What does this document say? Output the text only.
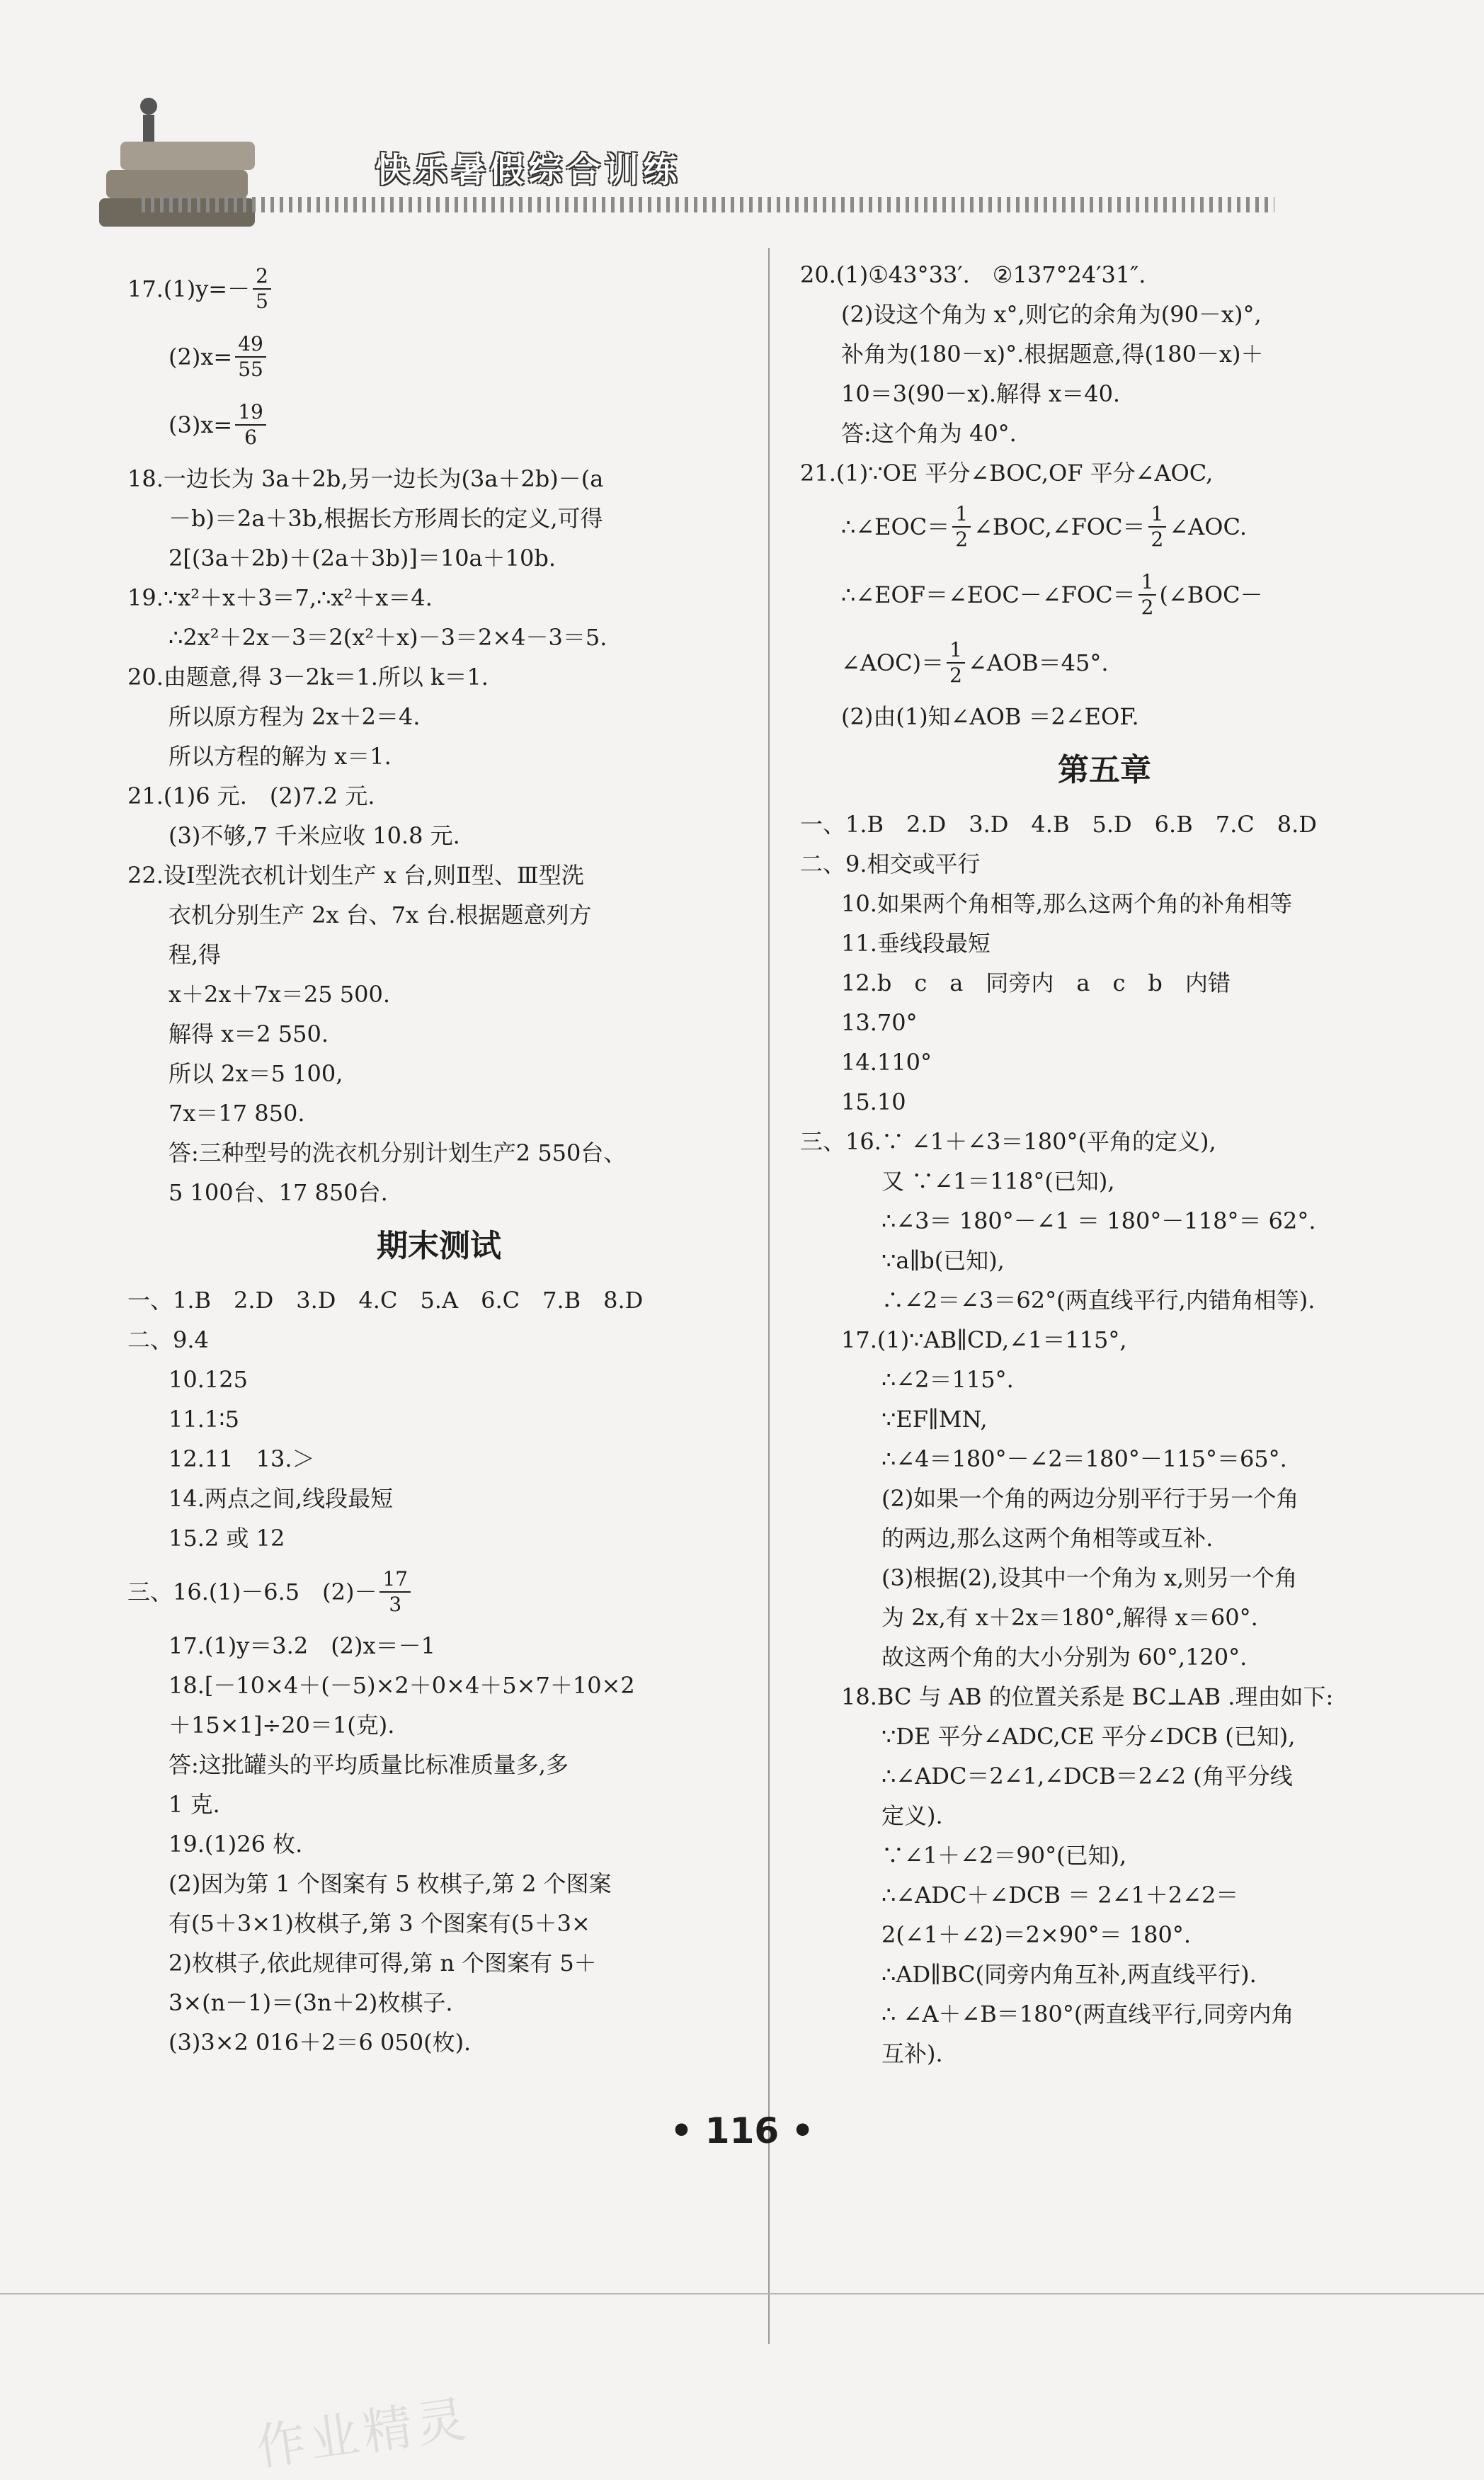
快乐暑假综合训练
$17.(1)y=- \frac{2}{5}$
$(2)x= \frac{49}{55}$
$(3)x= \frac{19}{6}$
18.一边长为 3a＋2b,另一边长为(3a＋2b)－(a
－b)＝2a＋3b,根据长方形周长的定义,可得
2[(3a＋2b)＋(2a＋3b)]＝10a＋10b.
19.∵x²＋x＋3＝7,∴x²＋x＝4.
∴2x²＋2x－3＝2(x²＋x)－3＝2×4－3＝5.
20.由题意,得 3－2k＝1.所以 k＝1.
所以原方程为 2x＋2＝4.
所以方程的解为 x＝1.
21.(1)6 元.　(2)7.2 元.
(3)不够,7 千米应收 10.8 元.
22.设Ⅰ型洗衣机计划生产 x 台,则Ⅱ型、Ⅲ型洗
衣机分别生产 2x 台、7x 台.根据题意列方
程,得
x＋2x＋7x＝25 500.
解得 x＝2 550.
所以 2x＝5 100,
7x＝17 850.
答:三种型号的洗衣机分别计划生产2 550台、
5 100台、17 850台.
期末测试
一、1.B　2.D　3.D　4.C　5.A　6.C　7.B　8.D
二、9.4
10.125
11.1∶5
12.11　13.＞
14.两点之间,线段最短
15.2 或 12
三、16.(1)－6.5　$(2)- \frac{17}{3}$
17.(1)y＝3.2　(2)x＝－1
18.[－10×4＋(－5)×2＋0×4＋5×7＋10×2
＋15×1]÷20＝1(克).
答:这批罐头的平均质量比标准质量多,多
1 克.
19.(1)26 枚.
(2)因为第 1 个图案有 5 枚棋子,第 2 个图案
有(5＋3×1)枚棋子,第 3 个图案有(5＋3×
2)枚棋子,依此规律可得,第 n 个图案有 5＋
3×(n－1)＝(3n＋2)枚棋子.
(3)3×2 016＋2＝6 050(枚).
20.(1)①43°33′.　②137°24′31″.
(2)设这个角为 x°,则它的余角为(90－x)°,
补角为(180－x)°.根据题意,得(180－x)＋
10＝3(90－x).解得 x＝40.
答:这个角为 40°.
21.(1)∵OE 平分∠BOC,OF 平分∠AOC,
∴∠EOC＝ $\frac{1}{2}$ ∠BOC,∠FOC＝ $\frac{1}{2}$ ∠AOC.
∴∠EOF＝∠EOC－∠FOC＝ $\frac{1}{2}$ (∠BOC－
∠AOC)＝ $\frac{1}{2}$ ∠AOB＝45°.
(2)由(1)知∠AOB ＝2∠EOF.
第五章
一、1.B　2.D　3.D　4.B　5.D　6.B　7.C　8.D
二、9.相交或平行
10.如果两个角相等,那么这两个角的补角相等
11.垂线段最短
12.b　c　a　同旁内　a　c　b　内错
13.70°
14.110°
15.10
三、16.∵ ∠1＋∠3＝180°(平角的定义),
又 ∵∠1＝118°(已知),
∴∠3＝ 180°－∠1 ＝ 180°－118°＝ 62°.
∵a∥b(已知),
∴∠2＝∠3＝62°(两直线平行,内错角相等).
17.(1)∵AB∥CD,∠1＝115°,
∴∠2＝115°.
∵EF∥MN,
∴∠4＝180°－∠2＝180°－115°＝65°.
(2)如果一个角的两边分别平行于另一个角
的两边,那么这两个角相等或互补.
(3)根据(2),设其中一个角为 x,则另一个角
为 2x,有 x＋2x＝180°,解得 x＝60°.
故这两个角的大小分别为 60°,120°.
18.BC 与 AB 的位置关系是 BC⊥AB .理由如下:
∵DE 平分∠ADC,CE 平分∠DCB (已知),
∴∠ADC＝2∠1,∠DCB＝2∠2 (角平分线
定义).
∵∠1＋∠2＝90°(已知),
∴∠ADC＋∠DCB ＝ 2∠1＋2∠2＝
2(∠1＋∠2)＝2×90°＝ 180°.
∴AD∥BC(同旁内角互补,两直线平行).
∴ ∠A＋∠B＝180°(两直线平行,同旁内角
互补).
• 116 •
作业精灵
